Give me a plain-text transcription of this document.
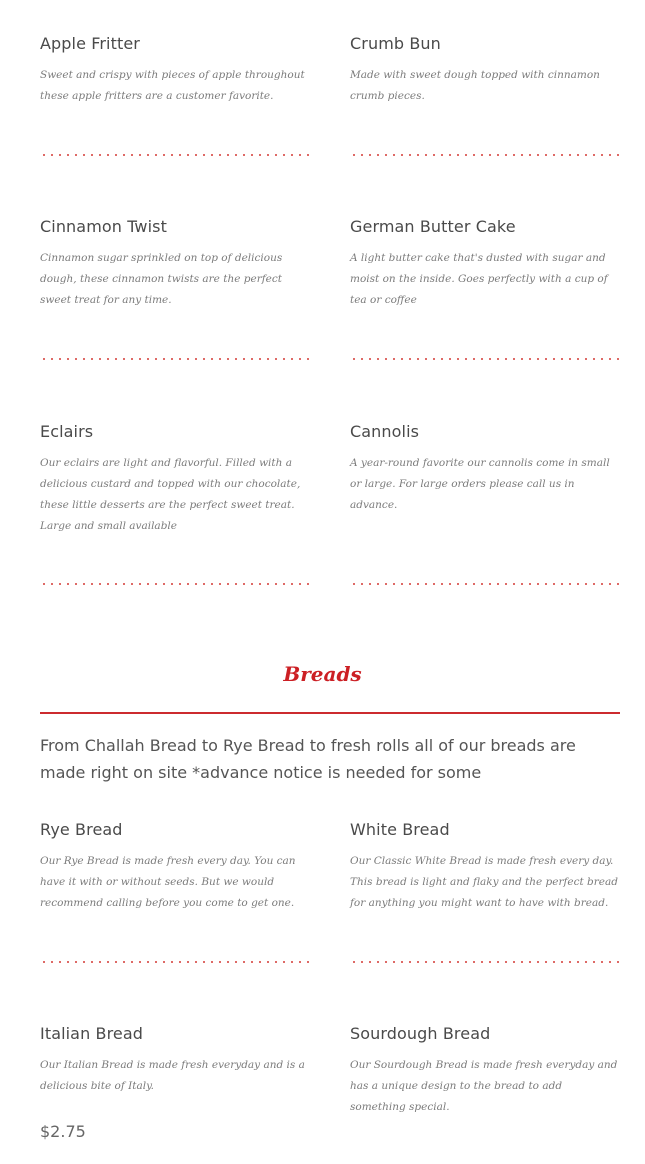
Apple Fritter

Sweet and crispy with pieces of apple throughout these apple fritters are a customer favorite.

Crumb Bun

Made with sweet dough topped with cinnamon crumb pieces.

Cinnamon Twist

Cinnamon sugar sprinkled on top of delicious dough, these cinnamon twists are the perfect sweet treat for any time.

German Butter Cake

A light butter cake that's dusted with sugar and moist on the inside. Goes perfectly with a cup of tea or coffee

Eclairs

Our eclairs are light and flavorful. Filled with a delicious custard and topped with our chocolate, these little desserts are the perfect sweet treat. Large and small available

Cannolis

A year-round favorite our cannolis come in small or large. For large orders please call us in advance.

Breads
From Challah Bread to Rye Bread to fresh rolls all of our breads are made right on site *advance notice is needed for some
Rye Bread

Our Rye Bread is made fresh every day. You can have it with or without seeds. But we would recommend calling before you come to get one.

White Bread

Our Classic White Bread is made fresh every day. This bread is light and flaky and the perfect bread for anything you might want to have with bread.

Italian Bread

Our Italian Bread is made fresh everyday and is a delicious bite of Italy.

Sourdough Bread

Our Sourdough Bread is made fresh everyday and has a unique design to the bread to add something special.

$2.75
